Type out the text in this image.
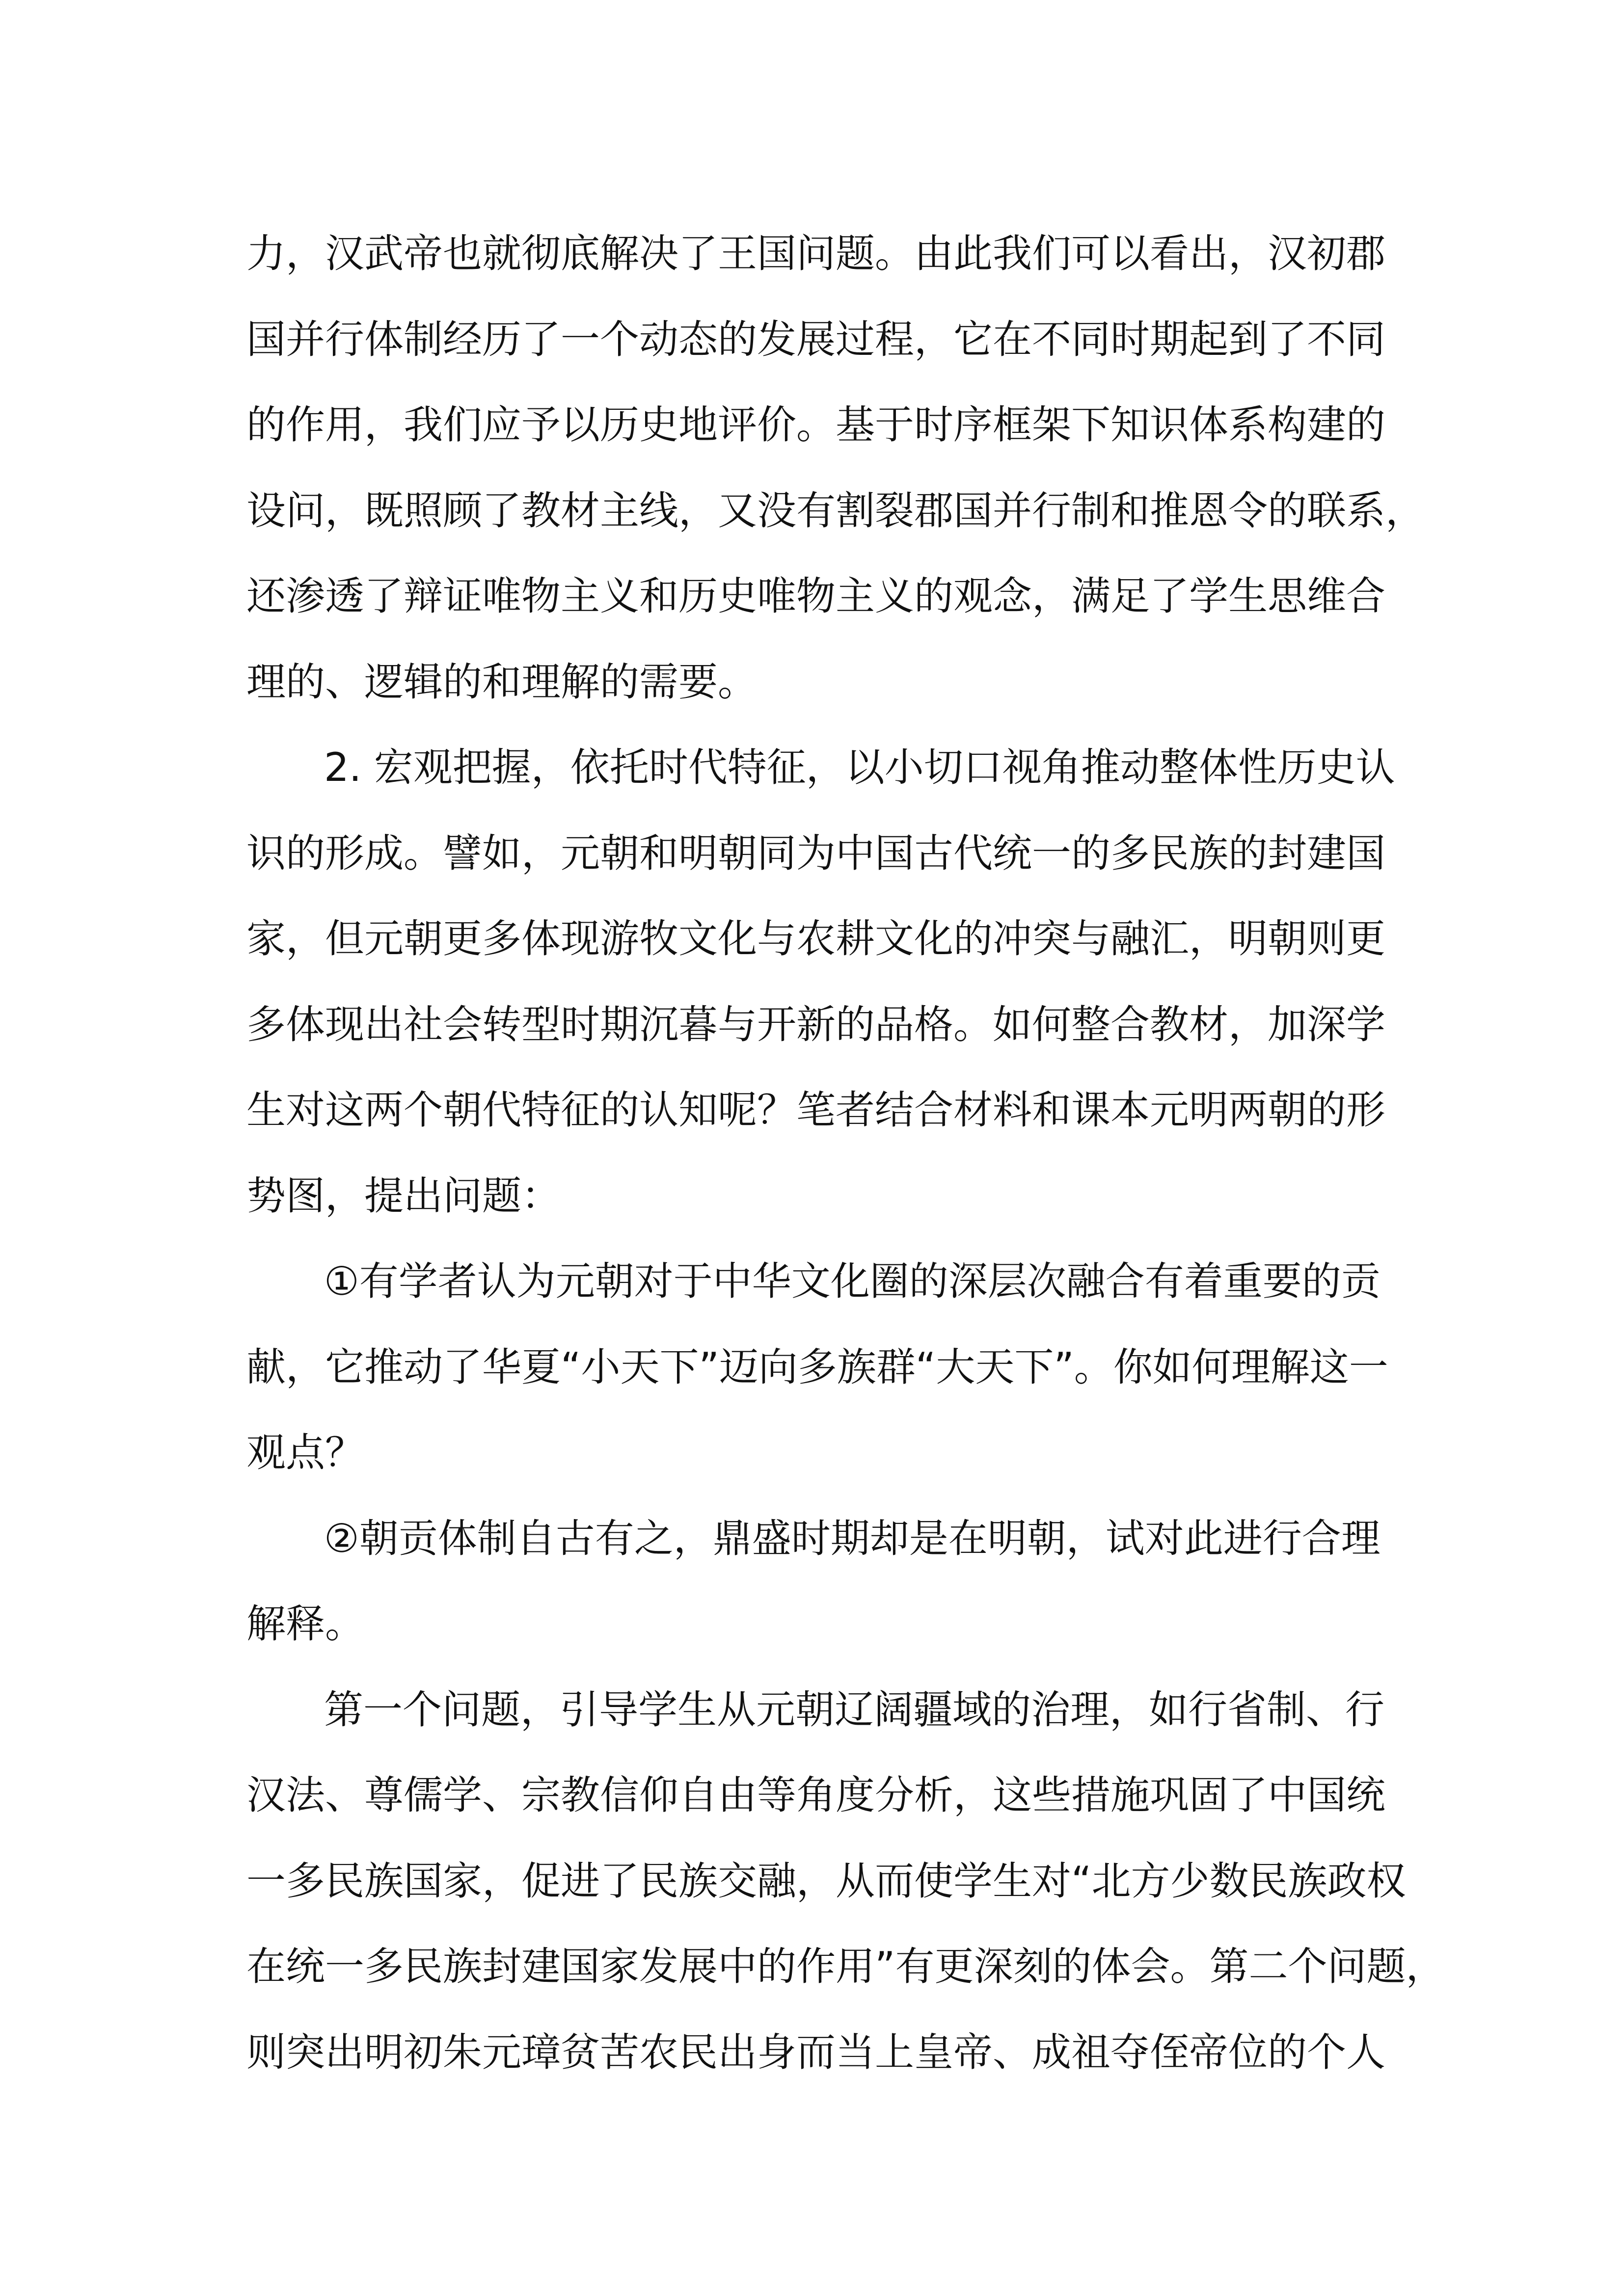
力，汉武帝也就彻底解决了王国问题。由此我们可以看出，汉初郡
国并行体制经历了一个动态的发展过程，它在不同时期起到了不同
的作用，我们应予以历史地评价。基于时序框架下知识体系构建的
设问，既照顾了教材主线，又没有割裂郡国并行制和推恩令的联系，
还渗透了辩证唯物主义和历史唯物主义的观念，满足了学生思维合
理的、逻辑的和理解的需要。

2. 宏观把握，依托时代特征，以小切口视角推动整体性历史认
识的形成。譬如，元朝和明朝同为中国古代统一的多民族的封建国
家，但元朝更多体现游牧文化与农耕文化的冲突与融汇，明朝则更
多体现出社会转型时期沉暮与开新的品格。如何整合教材，加深学
生对这两个朝代特征的认知呢？笔者结合材料和课本元明两朝的形
势图，提出问题：

①有学者认为元朝对于中华文化圈的深层次融合有着重要的贡
献，它推动了华夏“小天下”迈向多族群“大天下”。你如何理解这一
观点？

②朝贡体制自古有之，鼎盛时期却是在明朝，试对此进行合理
解释。

第一个问题，引导学生从元朝辽阔疆域的治理，如行省制、行
汉法、尊儒学、宗教信仰自由等角度分析，这些措施巩固了中国统
一多民族国家，促进了民族交融，从而使学生对“北方少数民族政权
在统一多民族封建国家发展中的作用”有更深刻的体会。第二个问题，
则突出明初朱元璋贫苦农民出身而当上皇帝、成祖夺侄帝位的个人
